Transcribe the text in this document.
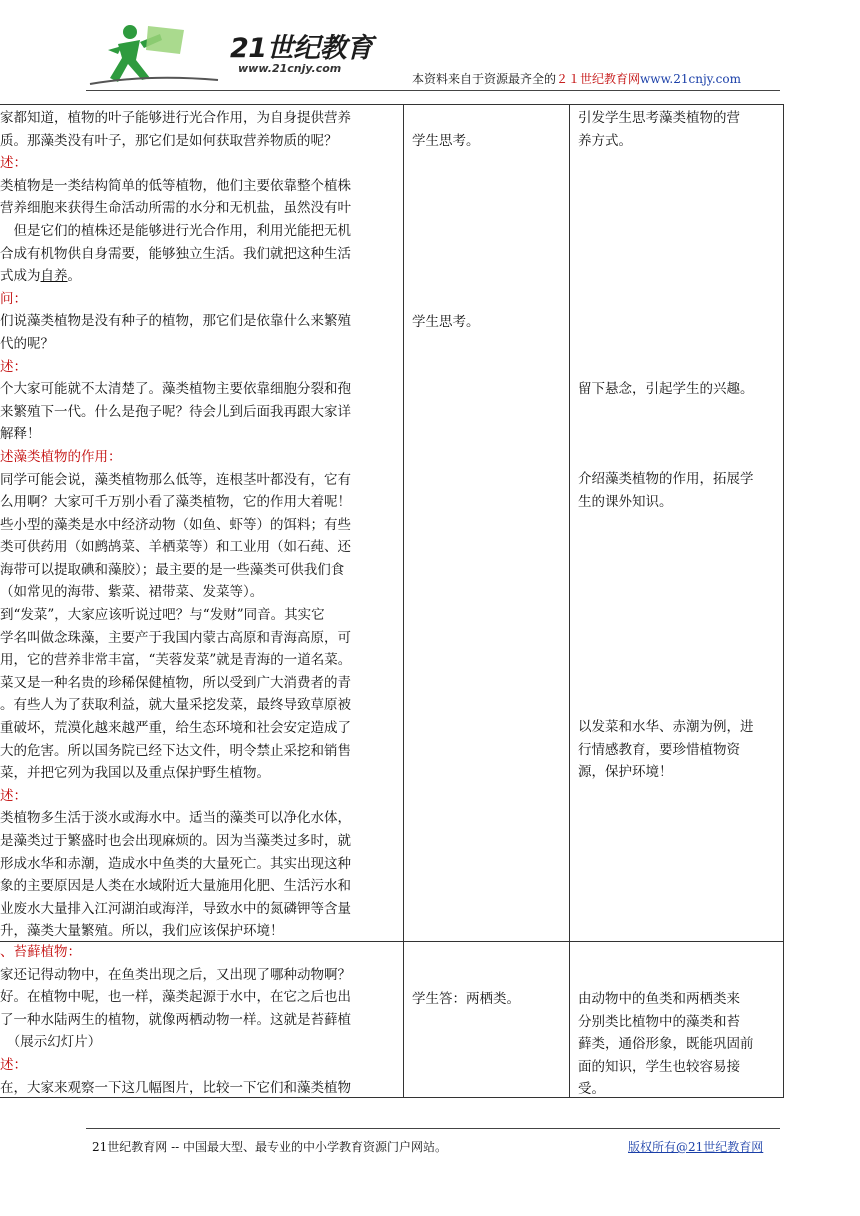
21世纪教育
www.21cnjy.com
本资料来自于资源最齐全的２１世纪教育网www.21cnjy.com
家都知道，植物的叶子能够进行光合作用，为自身提供营养
质。那藻类没有叶子，那它们是如何获取营养物质的呢？
述：
类植物是一类结构简单的低等植物，他们主要依靠整个植株
营养细胞来获得生命活动所需的水分和无机盐，虽然没有叶
　但是它们的植株还是能够进行光合作用，利用光能把无机
合成有机物供自身需要，能够独立生活。我们就把这种生活
式成为自养。
问：
们说藻类植物是没有种子的植物，那它们是依靠什么来繁殖
代的呢？
述：
个大家可能就不太清楚了。藻类植物主要依靠细胞分裂和孢
来繁殖下一代。什么是孢子呢？待会儿到后面我再跟大家详
解释！
述藻类植物的作用：
同学可能会说，藻类植物那么低等，连根茎叶都没有，它有
么用啊？大家可千万别小看了藻类植物，它的作用大着呢！
些小型的藻类是水中经济动物（如鱼、虾等）的饵料；有些
类可供药用（如鹧鸪菜、羊栖菜等）和工业用（如石莼、还
海带可以提取碘和藻胶）；最主要的是一些藻类可供我们食
（如常见的海带、紫菜、裙带菜、发菜等）。
到“发菜”，大家应该听说过吧？与“发财”同音。其实它
学名叫做念珠藻，主要产于我国内蒙古高原和青海高原，可
用，它的营养非常丰富，“芙蓉发菜”就是青海的一道名菜。
菜又是一种名贵的珍稀保健植物，所以受到广大消费者的青
。有些人为了获取利益，就大量采挖发菜，最终导致草原被
重破坏，荒漠化越来越严重，给生态环境和社会安定造成了
大的危害。所以国务院已经下达文件，明令禁止采挖和销售
菜，并把它列为我国以及重点保护野生植物。
述：
类植物多生活于淡水或海水中。适当的藻类可以净化水体，
是藻类过于繁盛时也会出现麻烦的。因为当藻类过多时，就
形成水华和赤潮，造成水中鱼类的大量死亡。其实出现这种
象的主要原因是人类在水域附近大量施用化肥、生活污水和
业废水大量排入江河湖泊或海洋，导致水中的氮磷钾等含量
升，藻类大量繁殖。所以，我们应该保护环境！
、苔藓植物：
家还记得动物中，在鱼类出现之后，又出现了哪种动物啊？
好。在植物中呢，也一样，藻类起源于水中，在它之后也出
了一种水陆两生的植物，就像两栖动物一样。这就是苔藓植
　（展示幻灯片）
述：
在，大家来观察一下这几幅图片，比较一下它们和藻类植物
学生思考。
学生思考。
学生答：两栖类。
引发学生思考藻类植物的营
养方式。
留下悬念，引起学生的兴趣。
介绍藻类植物的作用，拓展学
生的课外知识。
以发菜和水华、赤潮为例，进
行情感教育，要珍惜植物资
源，保护环境！
由动物中的鱼类和两栖类来
分别类比植物中的藻类和苔
藓类，通俗形象，既能巩固前
面的知识，学生也较容易接
受。
21世纪教育网 -- 中国最大型、最专业的中小学教育资源门户网站。	版权所有@21世纪教育网
